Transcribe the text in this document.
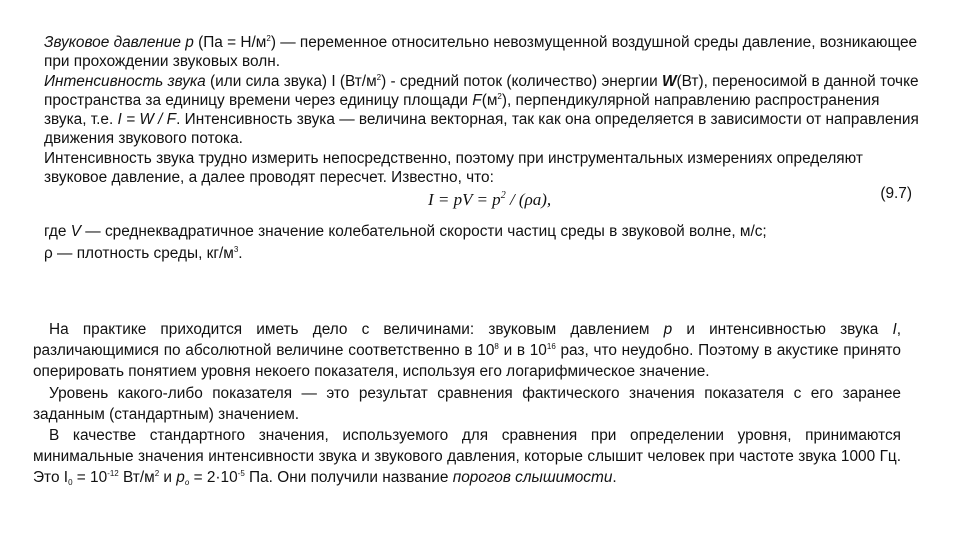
Звуковое давление p $(Па = Н/м^2)$ — переменное относительно невозмущенной воздушной среды давление, возникающее при прохождении звуковых волн.

Интенсивность звука (или сила звука) I $(Вт/м^2)$ - средний поток (количество) энергии W(Вт), переносимой в данной точке пространства за единицу времени через единицу площади $F(м^2)$, перпендикулярной направлению распространения звука, т.е. I = W / F. Интенсивность звука — величина векторная, так как она определяется в зависимости от направления движения звукового потока.

Интенсивность звука трудно измерить непосредственно, поэтому при инструментальных измерениях определяют звуковое давление, а далее проводят пересчет. Известно, что:

I = pV = $p^2 / (\rho a)$,	(9.7)

где V — среднеквадратичное значение колебательной скорости частиц среды в звуковой волне, м/с;

ρ — плотность среды, $кг/м^3$.

На практике приходится иметь дело с величинами: звуковым давлением p и интенсивностью звука I, различающимися по абсолютной величине соответственно в $10^8$ и в $10^{16}$ раз, что неудобно. Поэтому в акустике принято оперировать понятием уровня некоего показателя, используя его логарифмическое значение.

Уровень какого-либо показателя — это результат сравнения фактического значения показателя с его заранее заданным (стандартным) значением.

В качестве стандартного значения, используемого для сравнения при определении уровня, принимаются минимальные значения интенсивности звука и звукового давления, которые слышит человек при частоте звука 1000 Гц. Это $I_0 = 10^{-12}$ $Вт/м^2$ и $p_o = 2\cdot 10^{-5}$ Па. Они получили название порогов слышимости.
